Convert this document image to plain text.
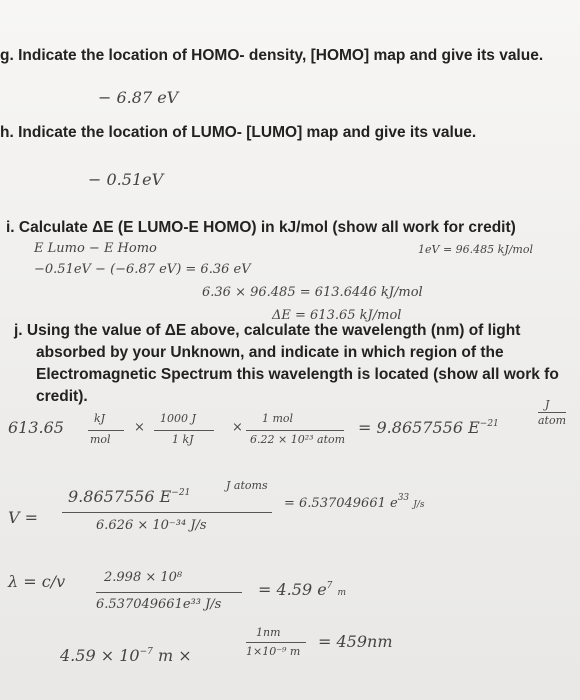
g. Indicate the location of HOMO- density, [HOMO] map and give its value.
− 6.87 eV
h. Indicate the location of LUMO- [LUMO] map and give its value.
− 0.51eV
i. Calculate ΔE (E LUMO-E HOMO) in kJ/mol (show all work for credit)
E Lumo − E Homo	1eV = 96.485 kJ/mol
−0.51eV − (−6.87 eV) = 6.36 eV
6.36 × 96.485 = 613.6446 kJ/mol
ΔE = 613.65 kJ/mol
j. Using the value of ΔE above, calculate the wavelength (nm) of light
absorbed by your Unknown, and indicate in which region of the
Electromagnetic Spectrum this wavelength is located (show all work fo
credit).
613.65	kJ
mol
×
1000 J
1 kJ
×
1 mol
6.22 × 10²³ atom
= 9.8657556 $E^{-21}$
J
atom
V =
9.8657556 $E^{-21}$
J atoms
6.626 × 10⁻³⁴ J/s
= 6.537049661 $e^{33}$ J/s
λ = c/v	2.998 × 10⁸
6.537049661e³³ J/s
= 4.59 $e^7$ m
$4.59 \times 10^{-7}$ m ×
1nm
1×10⁻⁹ m
= 459nm
